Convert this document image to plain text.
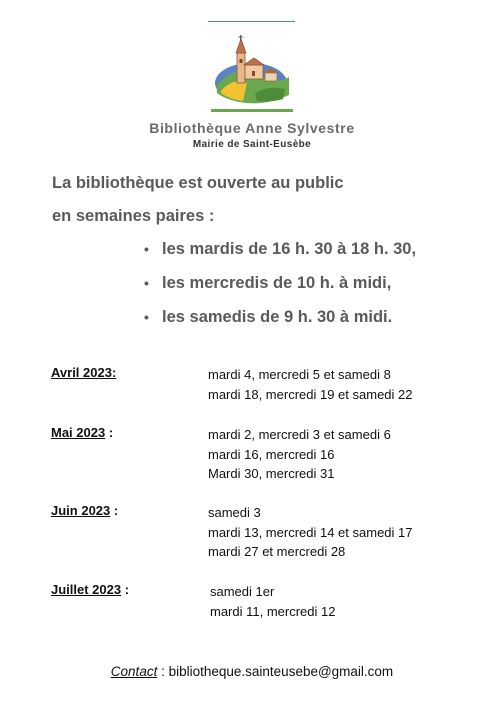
Bibliothèque Anne Sylvestre
Mairie de Saint-Eusèbe
La bibliothèque est ouverte au public
en semaines paires :
• les mardis de 16 h. 30 à 18 h. 30,
• les mercredis de 10 h. à midi,
• les samedis de 9 h. 30 à midi.
Avril 2023:	mardi 4, mercredi 5 et samedi 8
mardi 18, mercredi 19 et samedi 22
Mai 2023 :	mardi 2, mercredi 3 et samedi 6
mardi 16, mercredi 16
Mardi 30, mercredi 31
Juin 2023 :	samedi 3
mardi 13, mercredi 14 et samedi 17
mardi 27 et mercredi 28
Juillet 2023 :	samedi 1er
mardi 11, mercredi 12
Contact : bibliotheque.sainteusebe@gmail.com
